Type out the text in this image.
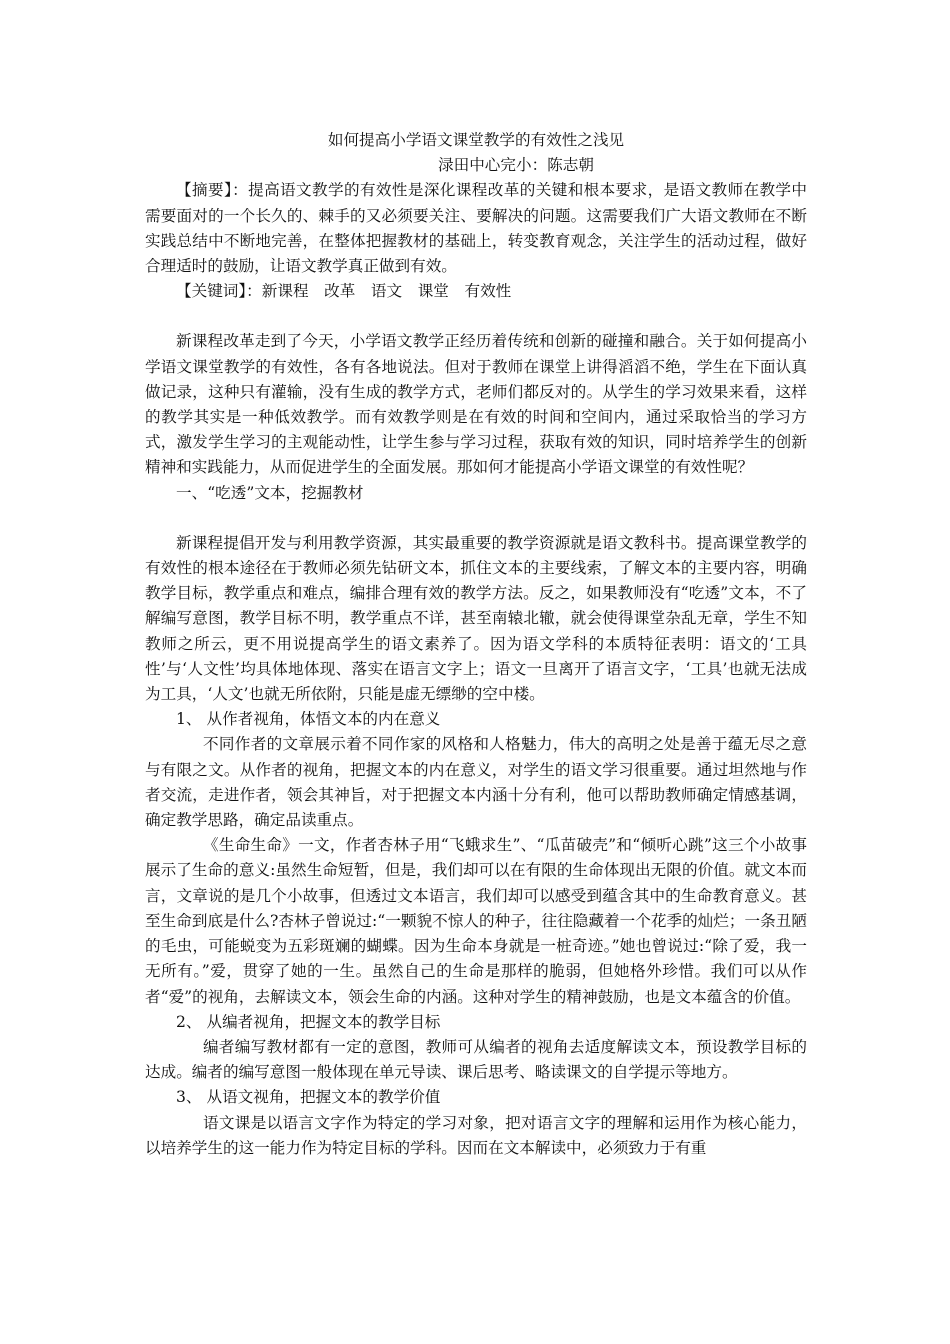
如何提高小学语文课堂教学的有效性之浅见

渌田中心完小：陈志朝

【摘要】：提高语文教学的有效性是深化课程改革的关键和根本要求，是语文教师在教学中需要面对的一个长久的、棘手的又必须要关注、要解决的问题。这需要我们广大语文教师在不断实践总结中不断地完善，在整体把握教材的基础上，转变教育观念，关注学生的活动过程，做好合理适时的鼓励，让语文教学真正做到有效。

【关键词】：新课程　改革　语文　课堂　有效性

新课程改革走到了今天，小学语文教学正经历着传统和创新的碰撞和融合。关于如何提高小学语文课堂教学的有效性，各有各地说法。但对于教师在课堂上讲得滔滔不绝，学生在下面认真做记录，这种只有灌输，没有生成的教学方式，老师们都反对的。从学生的学习效果来看，这样的教学其实是一种低效教学。而有效教学则是在有效的时间和空间内，通过采取恰当的学习方式，激发学生学习的主观能动性，让学生参与学习过程，获取有效的知识，同时培养学生的创新精神和实践能力，从而促进学生的全面发展。那如何才能提高小学语文课堂的有效性呢？

一、“吃透”文本，挖掘教材

新课程提倡开发与利用教学资源，其实最重要的教学资源就是语文教科书。提高课堂教学的有效性的根本途径在于教师必须先钻研文本，抓住文本的主要线索，了解文本的主要内容，明确教学目标，教学重点和难点，编排合理有效的教学方法。反之，如果教师没有“吃透”文本，不了解编写意图，教学目标不明，教学重点不详，甚至南辕北辙，就会使得课堂杂乱无章，学生不知教师之所云，更不用说提高学生的语文素养了。因为语文学科的本质特征表明：语文的‘工具性’与‘人文性’均具体地体现、落实在语言文字上；语文一旦离开了语言文字，‘工具’也就无法成为工具，‘人文’也就无所依附，只能是虚无缥缈的空中楼。

1、 从作者视角，体悟文本的内在意义

不同作者的文章展示着不同作家的风格和人格魅力，伟大的高明之处是善于蕴无尽之意与有限之文。从作者的视角，把握文本的内在意义，对学生的语文学习很重要。通过坦然地与作者交流，走进作者，领会其神旨，对于把握文本内涵十分有利，他可以帮助教师确定情感基调，确定教学思路，确定品读重点。

《生命生命》一文，作者杏林子用“飞蛾求生”、“瓜苗破壳”和“倾听心跳”这三个小故事展示了生命的意义:虽然生命短暂，但是，我们却可以在有限的生命体现出无限的价值。就文本而言，文章说的是几个小故事，但透过文本语言，我们却可以感受到蕴含其中的生命教育意义。甚至生命到底是什么?杏林子曾说过:“一颗貌不惊人的种子，往往隐藏着一个花季的灿烂；一条丑陋的毛虫，可能蜕变为五彩斑斓的蝴蝶。因为生命本身就是一桩奇迹。”她也曾说过:“除了爱，我一无所有。”爱，贯穿了她的一生。虽然自己的生命是那样的脆弱，但她格外珍惜。我们可以从作者“爱”的视角，去解读文本，领会生命的内涵。这种对学生的精神鼓励，也是文本蕴含的价值。

2、 从编者视角，把握文本的教学目标

编者编写教材都有一定的意图，教师可从编者的视角去适度解读文本，预设教学目标的达成。编者的编写意图一般体现在单元导读、课后思考、略读课文的自学提示等地方。

3、 从语文视角，把握文本的教学价值

语文课是以语言文字作为特定的学习对象，把对语言文字的理解和运用作为核心能力，以培养学生的这一能力作为特定目标的学科。因而在文本解读中，必须致力于有重
